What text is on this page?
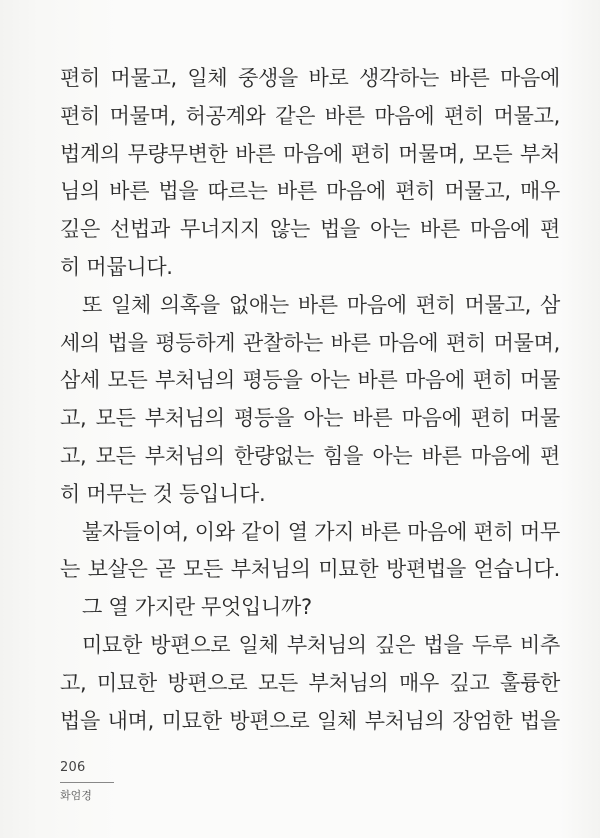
편히 머물고, 일체 중생을 바로 생각하는 바른 마음에
편히 머물며, 허공계와 같은 바른 마음에 편히 머물고,
법계의 무량무변한 바른 마음에 편히 머물며, 모든 부처
님의 바른 법을 따르는 바른 마음에 편히 머물고, 매우
깊은 선법과 무너지지 않는 법을 아는 바른 마음에 편
히 머뭅니다.
또 일체 의혹을 없애는 바른 마음에 편히 머물고, 삼
세의 법을 평등하게 관찰하는 바른 마음에 편히 머물며,
삼세 모든 부처님의 평등을 아는 바른 마음에 편히 머물
고, 모든 부처님의 평등을 아는 바른 마음에 편히 머물
고, 모든 부처님의 한량없는 힘을 아는 바른 마음에 편
히 머무는 것 등입니다.
불자들이여, 이와 같이 열 가지 바른 마음에 편히 머무
는 보살은 곧 모든 부처님의 미묘한 방편법을 얻습니다.
그 열 가지란 무엇입니까?
미묘한 방편으로 일체 부처님의 깊은 법을 두루 비추
고, 미묘한 방편으로 모든 부처님의 매우 깊고 훌륭한
법을 내며, 미묘한 방편으로 일체 부처님의 장엄한 법을
206
화엄경
